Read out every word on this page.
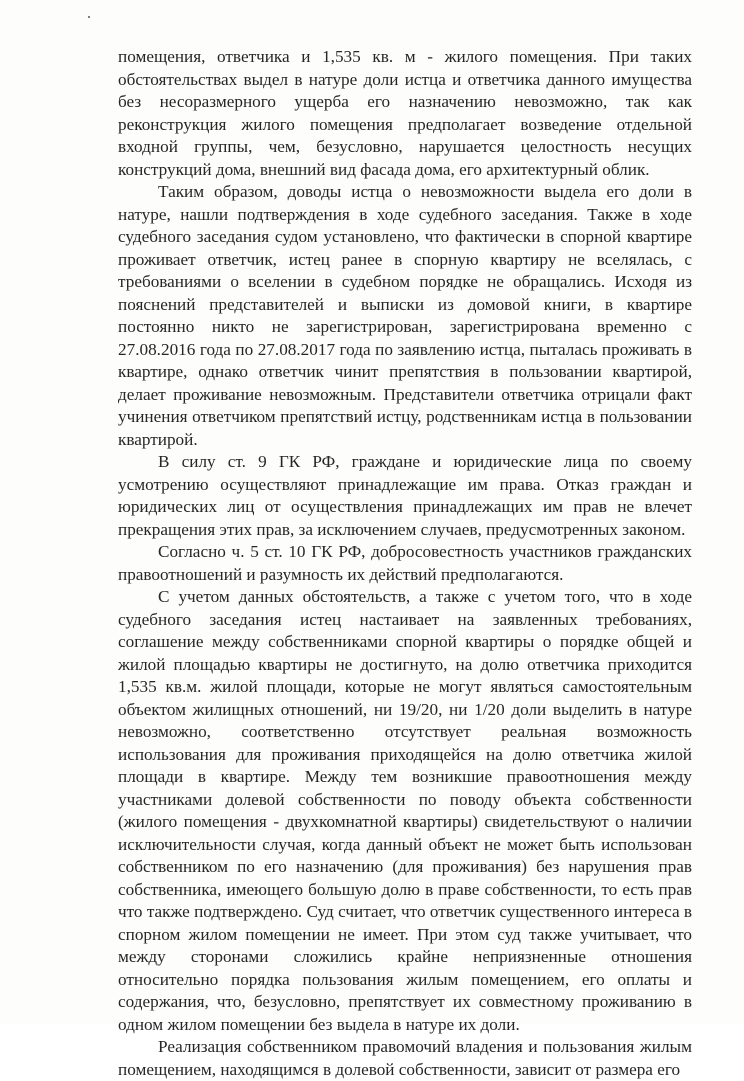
помещения, ответчика и 1,535 кв. м - жилого помещения. При таких обстоятельствах выдел в натуре доли истца и ответчика данного имущества без несоразмерного ущерба его назначению невозможно, так как реконструкция жилого помещения предполагает возведение отдельной входной группы, чем, безусловно, нарушается целостность несущих конструкций дома, внешний вид фасада дома, его архитектурный облик.

Таким образом, доводы истца о невозможности выдела его доли в натуре, нашли подтверждения в ходе судебного заседания. Также в ходе судебного заседания судом установлено, что фактически в спорной квартире проживает ответчик, истец ранее в спорную квартиру не вселялась, с требованиями о вселении в судебном порядке не обращались. Исходя из пояснений представителей и выписки из домовой книги, в квартире постоянно никто не зарегистрирован, зарегистрирована временно с 27.08.2016 года по 27.08.2017 года по заявлению истца, пыталась проживать в квартире, однако ответчик чинит препятствия в пользовании квартирой, делает проживание невозможным. Представители ответчика отрицали факт учинения ответчиком препятствий истцу, родственникам истца в пользовании квартирой.

В силу ст. 9 ГК РФ, граждане и юридические лица по своему усмотрению осуществляют принадлежащие им права. Отказ граждан и юридических лиц от осуществления принадлежащих им прав не влечет прекращения этих прав, за исключением случаев, предусмотренных законом.

Согласно ч. 5 ст. 10 ГК РФ, добросовестность участников гражданских правоотношений и разумность их действий предполагаются.

С учетом данных обстоятельств, а также с учетом того, что в ходе судебного заседания истец настаивает на заявленных требованиях, соглашение между собственниками спорной квартиры о порядке общей и жилой площадью квартиры не достигнуто, на долю ответчика приходится 1,535 кв.м. жилой площади, которые не могут являться самостоятельным объектом жилищных отношений, ни 19/20, ни 1/20 доли выделить в натуре невозможно, соответственно отсутствует реальная возможность использования для проживания приходящейся на долю ответчика жилой площади в квартире. Между тем возникшие правоотношения между участниками долевой собственности по поводу объекта собственности (жилого помещения - двухкомнатной квартиры) свидетельствуют о наличии исключительности случая, когда данный объект не может быть использован собственником по его назначению (для проживания) без нарушения прав собственника, имеющего большую долю в праве собственности, то есть прав что также подтверждено. Суд считает, что ответчик существенного интереса в спорном жилом помещении не имеет. При этом суд также учитывает, что между сторонами сложились крайне неприязненные отношения относительно порядка пользования жилым помещением, его оплаты и содержания, что, безусловно, препятствует их совместному проживанию в одном жилом помещении без выдела в натуре их доли.

Реализация собственником правомочий владения и пользования жилым помещением, находящимся в долевой собственности, зависит от размера его
